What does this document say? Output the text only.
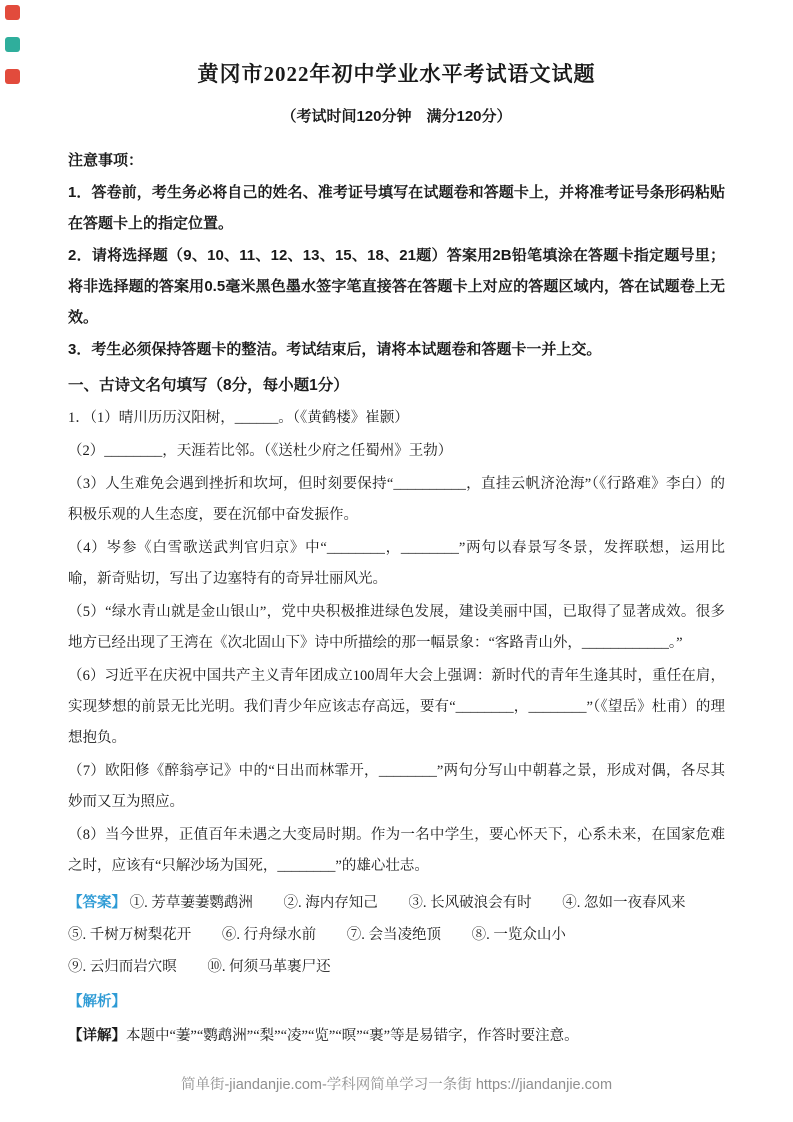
黄冈市2022年初中学业水平考试语文试题
（考试时间120分钟　满分120分）
注意事项：
1．答卷前，考生务必将自己的姓名、准考证号填写在试题卷和答题卡上，并将准考证号条形码粘贴在答题卡上的指定位置。
2．请将选择题（9、10、11、12、13、15、18、21题）答案用2B铅笔填涂在答题卡指定题号里；将非选择题的答案用0.5毫米黑色墨水签字笔直接答在答题卡上对应的答题区域内，答在试题卷上无效。
3．考生必须保持答题卡的整洁。考试结束后，请将本试题卷和答题卡一并上交。
一、古诗文名句填写（8分，每小题1分）
1．（1）晴川历历汉阳树，______。（《黄鹤楼》崔颢）
（2）________，天涯若比邻。（《送杜少府之任蜀州》王勃）
（3）人生难免会遇到挫折和坎坷，但时刻要保持“__________，直挂云帆济沧海”（《行路难》李白）的积极乐观的人生态度，要在沉郁中奋发振作。
（4）岑参《白雪歌送武判官归京》中“________，________”两句以春景写冬景，发挥联想，运用比喻，新奇贴切，写出了边塞特有的奇异壮丽风光。
（5）“绿水青山就是金山银山”，党中央积极推进绿色发展，建设美丽中国，已取得了显著成效。很多地方已经出现了王湾在《次北固山下》诗中所描绘的那一幅景象：“客路青山外，____________。”
（6）习近平在庆祝中国共产主义青年团成立100周年大会上强调：新时代的青年生逢其时，重任在肩，实现梦想的前景无比光明。我们青少年应该志存高远，要有“________，________”（《望岳》杜甫）的理想抱负。
（7）欧阳修《醉翁亭记》中的“日出而林霏开，________”两句分写山中朝暮之景，形成对偶，各尽其妙而又互为照应。
（8）当今世界，正值百年未遇之大变局时期。作为一名中学生，要心怀天下，心系未来，在国家危难之时，应该有“只解沙场为国死，________”的雄心壮志。
【答案】 ①. 芳草萋萋鹦鹉洲 ②. 海内存知己 ③. 长风破浪会有时 ④. 忽如一夜春风来 ⑤. 千树万树梨花开 ⑥. 行舟绿水前 ⑦. 会当凌绝顶 ⑧. 一览众山小 ⑨. 云归而岩穴暝 ⑩. 何须马革裹尸还
【解析】
【详解】本题中“萋”“鹦鹉洲”“梨”“凌”“览”“暝”“裹”等是易错字，作答时要注意。
简单街-jiandanjie.com-学科网简单学习一条街 https://jiandanjie.com
